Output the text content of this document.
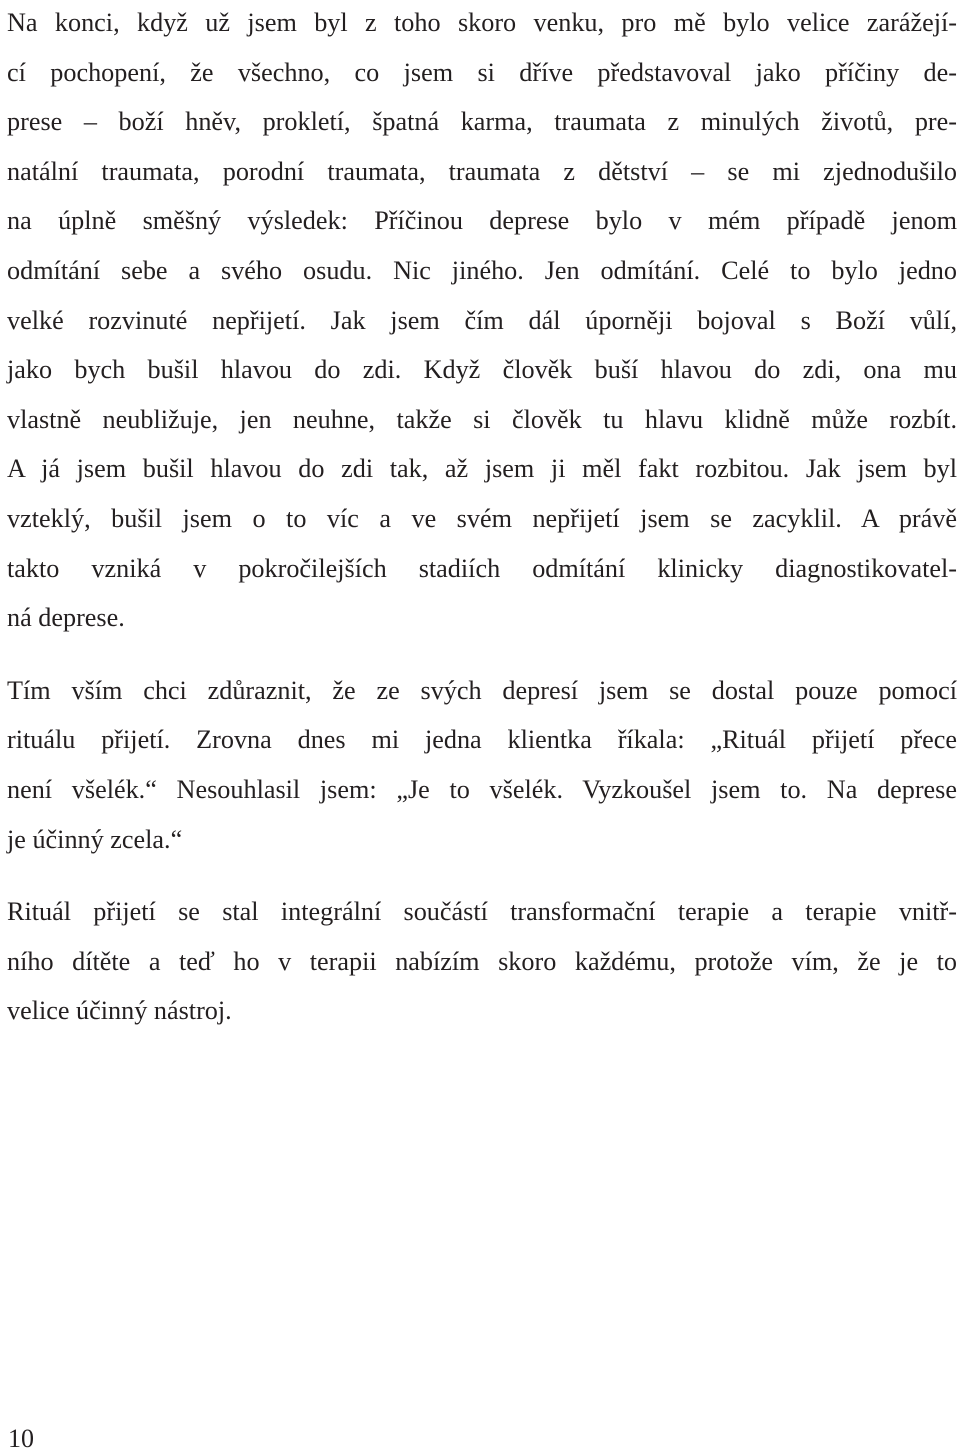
Na konci, když už jsem byl z toho skoro venku, pro mě bylo velice zarážejí-
cí pochopení, že všechno, co jsem si dříve představoval jako příčiny de-
prese – boží hněv, prokletí, špatná karma, traumata z minulých životů, pre-
natální traumata, porodní traumata, traumata z dětství – se mi zjednodušilo
na úplně směšný výsledek: Příčinou deprese bylo v mém případě jenom
odmítání sebe a svého osudu. Nic jiného. Jen odmítání. Celé to bylo jedno
velké rozvinuté nepřijetí. Jak jsem čím dál úporněji bojoval s Boží vůlí,
jako bych bušil hlavou do zdi. Když člověk buší hlavou do zdi, ona mu
vlastně neubližuje, jen neuhne, takže si člověk tu hlavu klidně může rozbít.
A já jsem bušil hlavou do zdi tak, až jsem ji měl fakt rozbitou. Jak jsem byl
vzteklý, bušil jsem o to víc a ve svém nepřijetí jsem se zacyklil. A právě
takto vzniká v pokročilejších stadiích odmítání klinicky diagnostikovatel-
ná deprese.

Tím vším chci zdůraznit, že ze svých depresí jsem se dostal pouze pomocí
rituálu přijetí. Zrovna dnes mi jedna klientka říkala: „Rituál přijetí přece
není všelék.“ Nesouhlasil jsem: „Je to všelék. Vyzkoušel jsem to. Na deprese
je účinný zcela.“

Rituál přijetí se stal integrální součástí transformační terapie a terapie vnitř-
ního dítěte a teď ho v terapii nabízím skoro každému, protože vím, že je to
velice účinný nástroj.

10
